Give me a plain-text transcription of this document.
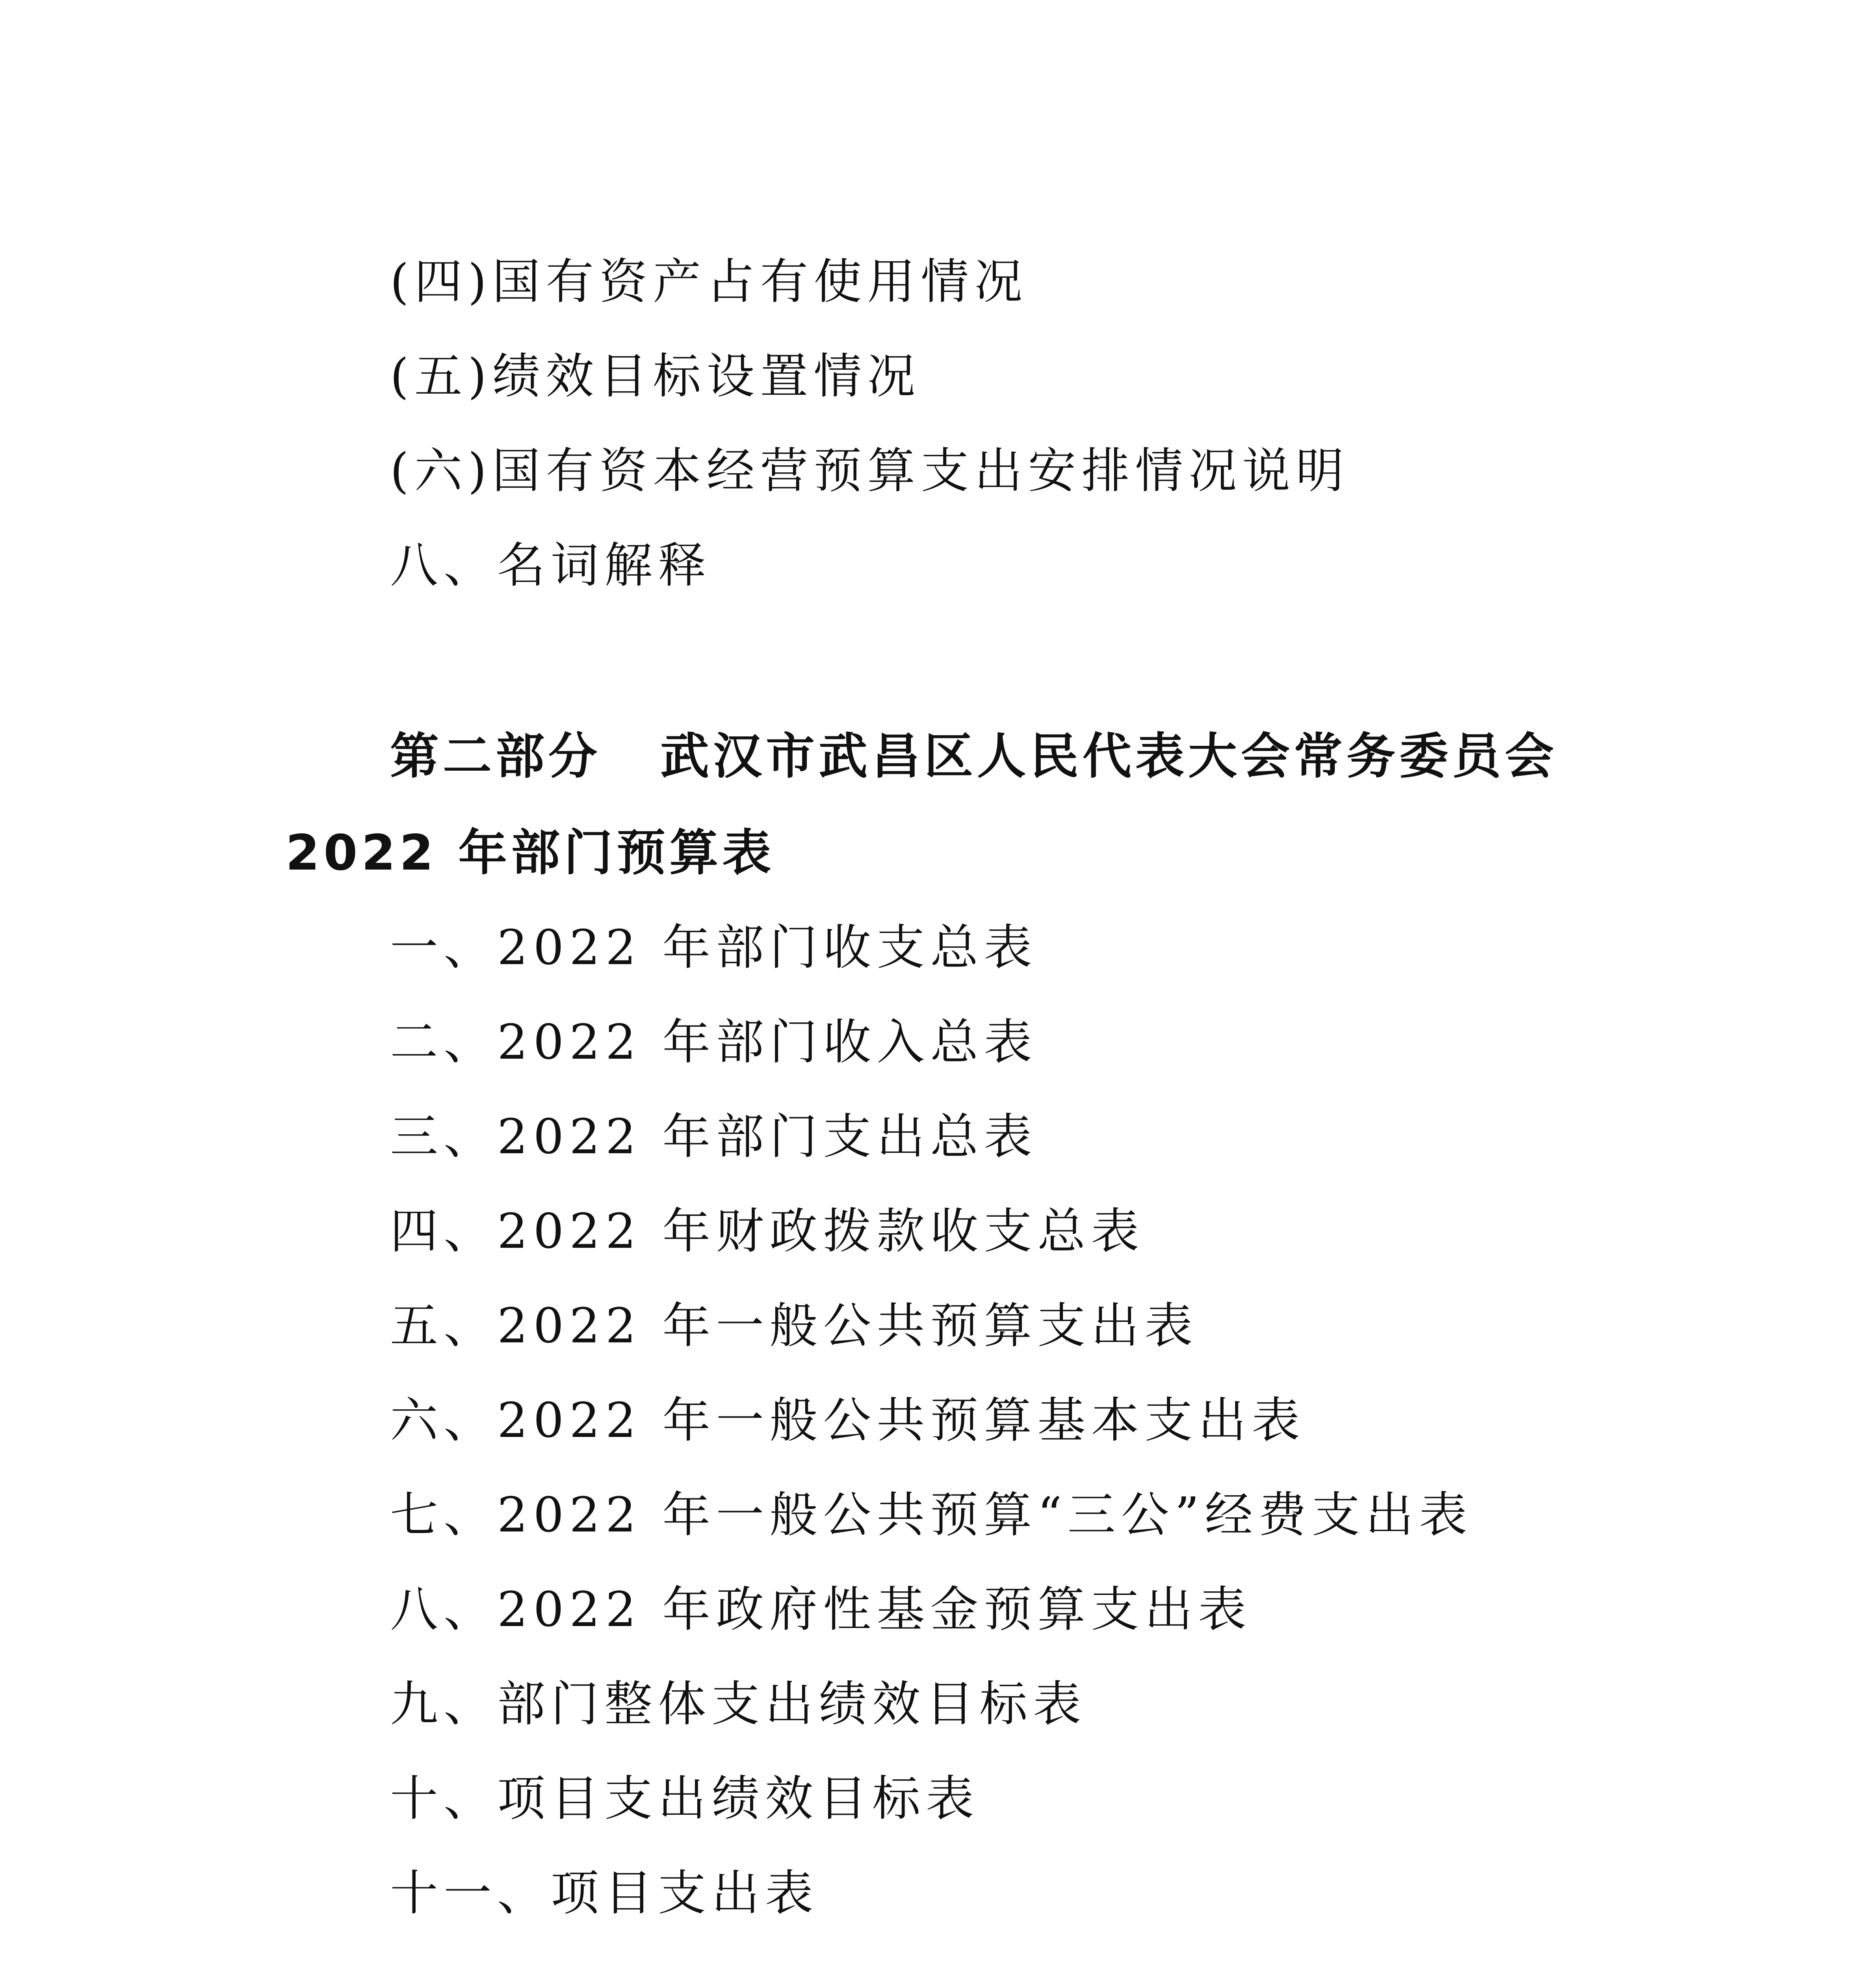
(四)国有资产占有使用情况
(五)绩效目标设置情况
(六)国有资本经营预算支出安排情况说明
八、名词解释
第二部分 武汉市武昌区人民代表大会常务委员会
2022 年部门预算表
一、2022 年部门收支总表
二、2022 年部门收入总表
三、2022 年部门支出总表
四、2022 年财政拨款收支总表
五、2022 年一般公共预算支出表
六、2022 年一般公共预算基本支出表
七、2022 年一般公共预算“三公”经费支出表
八、2022 年政府性基金预算支出表
九、部门整体支出绩效目标表
十、项目支出绩效目标表
十一、项目支出表
